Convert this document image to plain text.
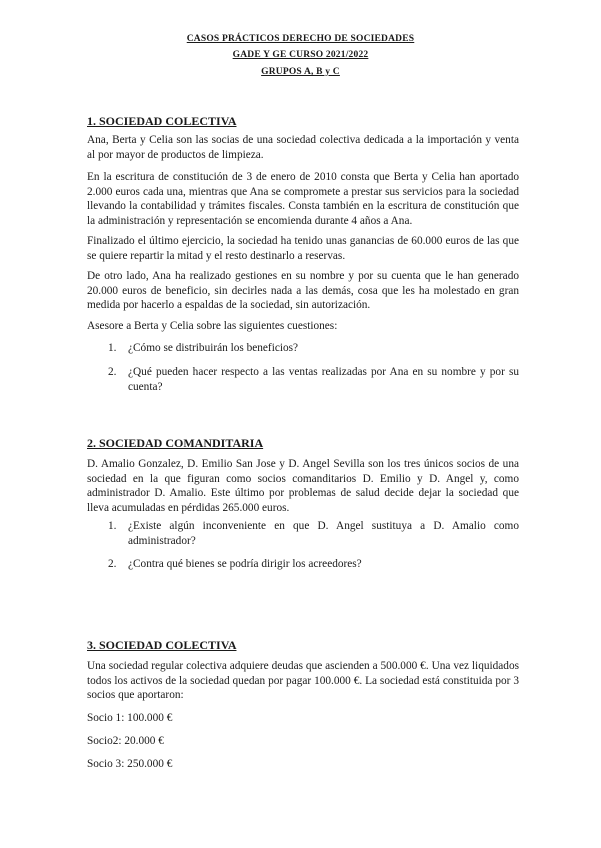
CASOS PRÁCTICOS DERECHO DE SOCIEDADES
GADE Y GE CURSO 2021/2022
GRUPOS A, B y C
1. SOCIEDAD COLECTIVA

Ana, Berta y Celia son las socias de una sociedad colectiva dedicada a la importación y venta al por mayor de productos de limpieza.

En la escritura de constitución de 3 de enero de 2010 consta que Berta y Celia han aportado 2.000 euros cada una, mientras que Ana se compromete a prestar sus servicios para la sociedad llevando la contabilidad y trámites fiscales. Consta también en la escritura de constitución que la administración y representación se encomienda durante 4 años a Ana.

Finalizado el último ejercicio, la sociedad ha tenido unas ganancias de 60.000 euros de las que se quiere repartir la mitad y el resto destinarlo a reservas.

De otro lado, Ana ha realizado gestiones en su nombre y por su cuenta que le han generado 20.000 euros de beneficio, sin decirles nada a las demás, cosa que les ha molestado en gran medida por hacerlo a espaldas de la sociedad, sin autorización.

Asesore a Berta y Celia sobre las siguientes cuestiones:

1.	¿Cómo se distribuirán los beneficios?
2.	¿Qué pueden hacer respecto a las ventas realizadas por Ana en su nombre y por su cuenta?
2. SOCIEDAD COMANDITARIA

D. Amalio Gonzalez, D. Emilio San Jose y D. Angel Sevilla son los tres únicos socios de una sociedad en la que figuran como socios comanditarios D. Emilio y D. Angel y, como administrador D. Amalio. Este último por problemas de salud decide dejar la sociedad que lleva acumuladas en pérdidas 265.000 euros.

1.	¿Existe algún inconveniente en que D. Angel sustituya a D. Amalio como administrador?
2.	¿Contra qué bienes se podría dirigir los acreedores?
3. SOCIEDAD COLECTIVA

Una sociedad regular colectiva adquiere deudas que ascienden a 500.000 €. Una vez liquidados todos los activos de la sociedad quedan por pagar 100.000 €. La sociedad está constituida por 3 socios que aportaron:

Socio 1: 100.000 €
Socio2: 20.000 €
Socio 3: 250.000 €
